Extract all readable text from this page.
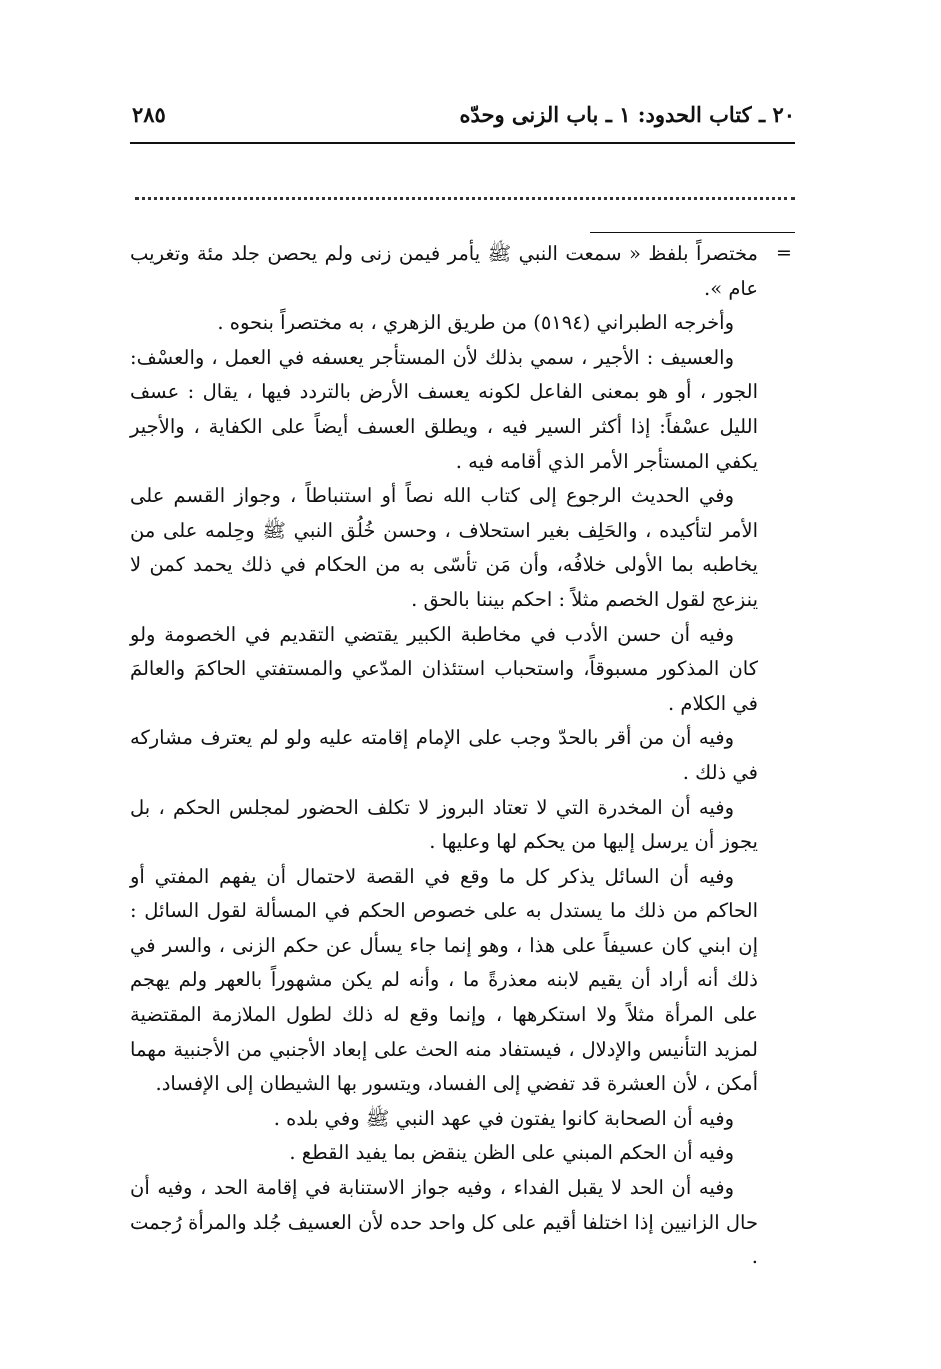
٢٠ ـ كتاب الحدود: ١ ـ باب الزنى وحدّه
٢٨٥
=

مختصراً بلفظ « سمعت النبي ﷺ يأمر فيمن زنى ولم يحصن جلد مئة وتغريب عام ».

وأخرجه الطبراني (٥١٩٤) من طريق الزهري ، به مختصراً بنحوه .

والعسيف : الأجير ، سمي بذلك لأن المستأجر يعسفه في العمل ، والعسْف: الجور ، أو هو بمعنى الفاعل لكونه يعسف الأرض بالتردد فيها ، يقال : عسف الليل عسْفاً: إذا أكثر السير فيه ، ويطلق العسف أيضاً على الكفاية ، والأجير يكفي المستأجر الأمر الذي أقامه فيه .

وفي الحديث الرجوع إلى كتاب الله نصاً أو استنباطاً ، وجواز القسم على الأمر لتأكيده ، والحَلِف بغير استحلاف ، وحسن خُلُق النبي ﷺ وحِلمه على من يخاطبه بما الأولى خلافُه، وأن مَن تأسّى به من الحكام في ذلك يحمد كمن لا ينزعج لقول الخصم مثلاً : احكم بيننا بالحق .

وفيه أن حسن الأدب في مخاطبة الكبير يقتضي التقديم في الخصومة ولو كان المذكور مسبوقاً، واستحباب استئذان المدّعي والمستفتي الحاكمَ والعالمَ في الكلام .

وفيه أن من أقر بالحدّ وجب على الإمام إقامته عليه ولو لم يعترف مشاركه في ذلك .

وفيه أن المخدرة التي لا تعتاد البروز لا تكلف الحضور لمجلس الحكم ، بل يجوز أن يرسل إليها من يحكم لها وعليها .

وفيه أن السائل يذكر كل ما وقع في القصة لاحتمال أن يفهم المفتي أو الحاكم من ذلك ما يستدل به على خصوص الحكم في المسألة لقول السائل : إن ابني كان عسيفاً على هذا ، وهو إنما جاء يسأل عن حكم الزنى ، والسر في ذلك أنه أراد أن يقيم لابنه معذرةً ما ، وأنه لم يكن مشهوراً بالعهر ولم يهجم على المرأة مثلاً ولا استكرهها ، وإنما وقع له ذلك لطول الملازمة المقتضية لمزيد التأنيس والإدلال ، فيستفاد منه الحث على إبعاد الأجنبي من الأجنبية مهما أمكن ، لأن العشرة قد تفضي إلى الفساد، ويتسور بها الشيطان إلى الإفساد.

وفيه أن الصحابة كانوا يفتون في عهد النبي ﷺ وفي بلده .

وفيه أن الحكم المبني على الظن ينقض بما يفيد القطع .

وفيه أن الحد لا يقبل الفداء ، وفيه جواز الاستنابة في إقامة الحد ، وفيه أن حال الزانيين إذا اختلفا أقيم على كل واحد حده لأن العسيف جُلد والمرأة رُجمت .
